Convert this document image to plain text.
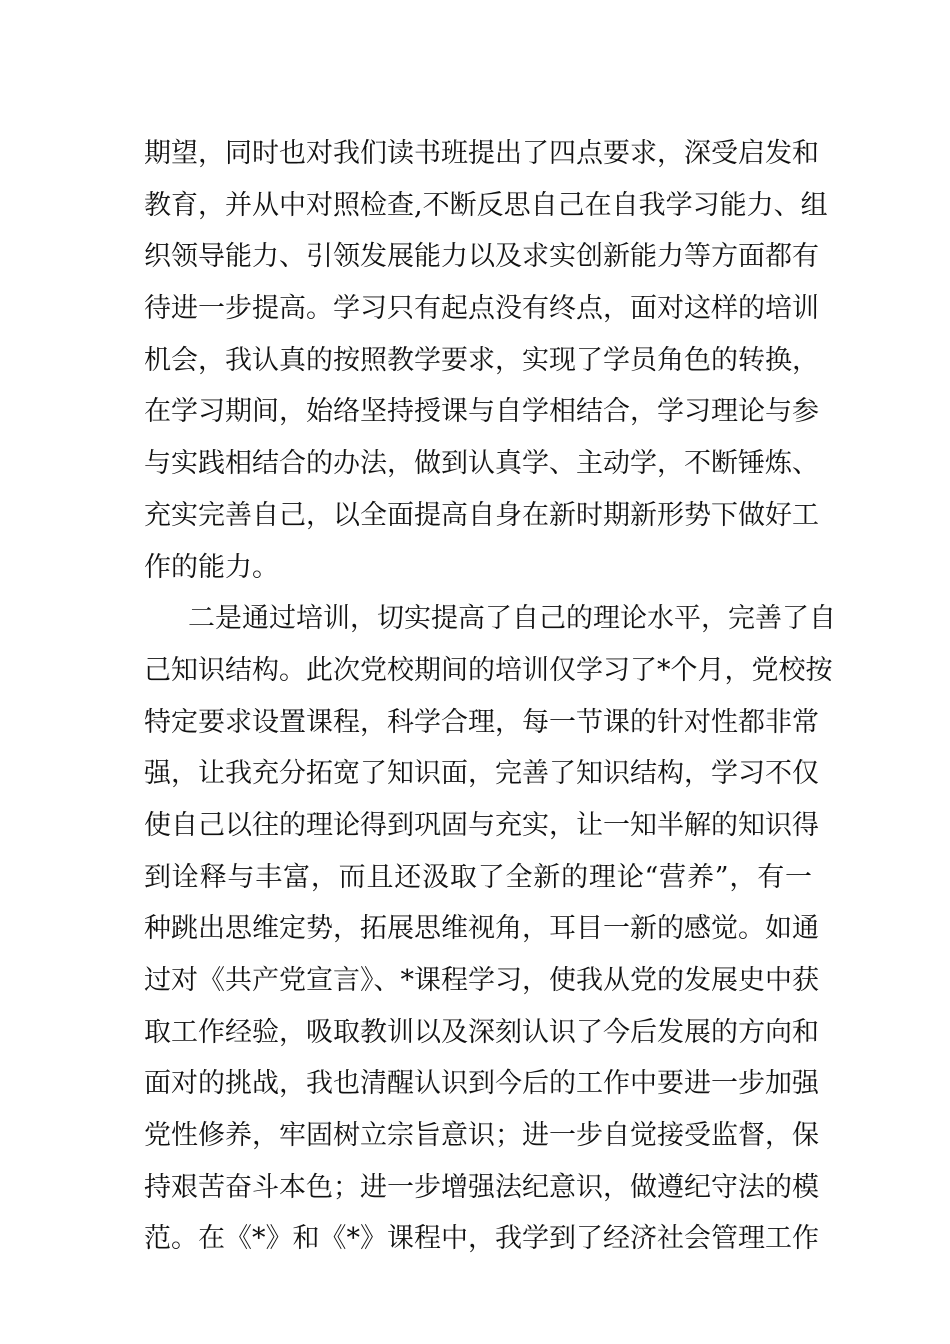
期望，同时也对我们读书班提出了四点要求，深受启发和
教育，并从中对照检查,不断反思自己在自我学习能力、组
织领导能力、引领发展能力以及求实创新能力等方面都有
待进一步提高。学习只有起点没有终点，面对这样的培训
机会，我认真的按照教学要求，实现了学员角色的转换，
在学习期间，始络坚持授课与自学相结合，学习理论与参
与实践相结合的办法，做到认真学、主动学，不断锤炼、
充实完善自己，以全面提高自身在新时期新形势下做好工
作的能力。
二是通过培训，切实提高了自己的理论水平，完善了自
己知识结构。此次党校期间的培训仅学习了*个月，党校按
特定要求设置课程，科学合理，每一节课的针对性都非常
强，让我充分拓宽了知识面，完善了知识结构，学习不仅
使自己以往的理论得到巩固与充实，让一知半解的知识得
到诠释与丰富，而且还汲取了全新的理论“营养”，有一
种跳出思维定势，拓展思维视角，耳目一新的感觉。如通
过对《共产党宣言》、*课程学习，使我从党的发展史中获
取工作经验，吸取教训以及深刻认识了今后发展的方向和
面对的挑战，我也清醒认识到今后的工作中要进一步加强
党性修养，牢固树立宗旨意识；进一步自觉接受监督，保
持艰苦奋斗本色；进一步增强法纪意识，做遵纪守法的模
范。在《*》和《*》课程中，我学到了经济社会管理工作
